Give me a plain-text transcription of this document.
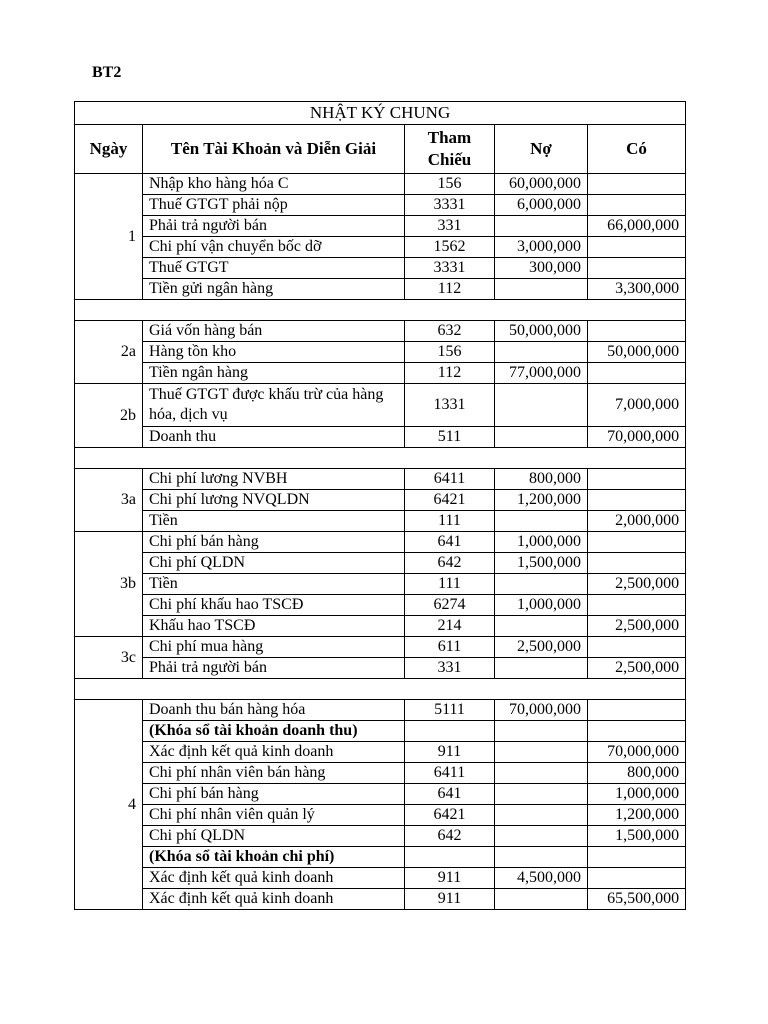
BT2
NHẬT KÝ CHUNG				
Ngày	Tên Tài Khoản và Diễn Giải	Tham Chiếu	Nợ	Có
1	Nhập kho hàng hóa C	156	60,000,000	
	Thuế GTGT phải nộp	3331	6,000,000	
	Phải trả người bán	331		66,000,000
	Chi phí vận chuyển bốc dỡ	1562	3,000,000	
	Thuế GTGT	3331	300,000	
	Tiền gửi ngân hàng	112		3,300,000

2a	Giá vốn hàng bán	632	50,000,000	
	Hàng tồn kho	156		50,000,000
	Tiền ngân hàng	112	77,000,000	
2b	Thuế GTGT được khấu trừ của hàng hóa, dịch vụ	1331		7,000,000
	Doanh thu	511		70,000,000

3a	Chi phí lương NVBH	6411	800,000	
	Chi phí lương NVQLDN	6421	1,200,000	
	Tiền	111		2,000,000
3b	Chi phí bán hàng	641	1,000,000	
	Chi phí QLDN	642	1,500,000	
	Tiền	111		2,500,000
	Chi phí khấu hao TSCĐ	6274	1,000,000	
	Khấu hao TSCĐ	214		2,500,000
3c	Chi phí mua hàng	611	2,500,000	
	Phải trả người bán	331		2,500,000

4	Doanh thu bán hàng hóa	5111	70,000,000	
	(Khóa sổ tài khoản doanh thu)			
	Xác định kết quả kinh doanh	911		70,000,000
	Chi phí nhân viên bán hàng	6411		800,000
	Chi phí bán hàng	641		1,000,000
	Chi phí nhân viên quản lý	6421		1,200,000
	Chi phí QLDN	642		1,500,000
	(Khóa sổ tài khoản chi phí)			
	Xác định kết quả kinh doanh	911	4,500,000	
	Xác định kết quả kinh doanh	911		65,500,000
